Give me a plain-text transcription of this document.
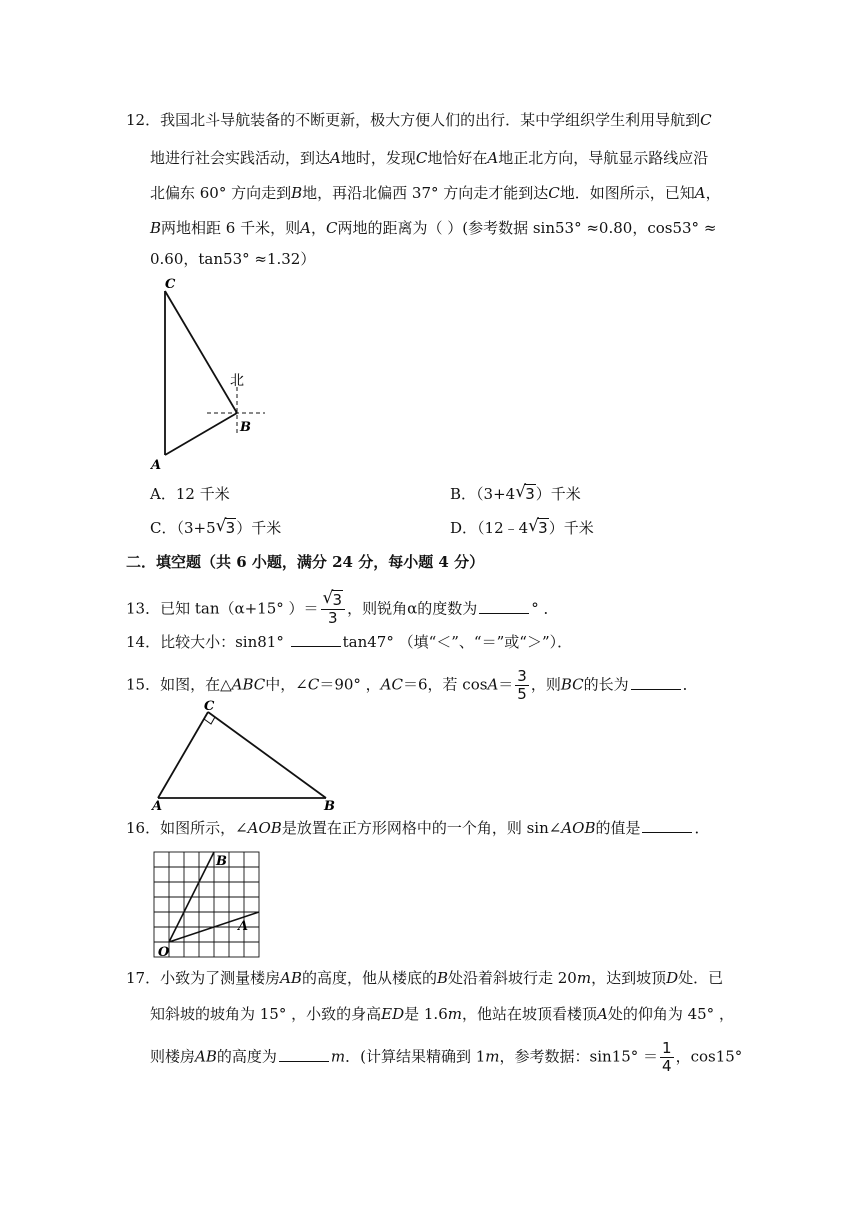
12．我国北斗导航装备的不断更新，极大方便人们的出行．某中学组织学生利用导航到C
地进行社会实践活动，到达A地时，发现C地恰好在A地正北方向，导航显示路线应沿
北偏东 60° 方向走到B地，再沿北偏西 37° 方向走才能到达C地．如图所示，已知A，
B两地相距 6 千米，则A，C两地的距离为（ ）(参考数据 sin53° ≈0.80，cos53° ≈
0.60，tan53° ≈1.32）
C
A
B
北
A．12 千米	B．（3+4 √ 3）千米
C．（3+5 √ 3）千米	D．（12﹣4 √ 3）千米
二．填空题（共 6 小题，满分 24 分，每小题 4 分）
13．已知 tan（α+15° ）＝ $\frac{√ 3}{3}$ ，则锐角α的度数为	° ．
14．比较大小：sin81°	tan47° （填“＜”、“＝”或“＞”）．
15．如图，在△ABC中，∠C＝90° ，AC＝6，若 $\cos A= \frac{3}{5}$ ，则BC的长为	．
C
A	B
16．如图所示，∠AOB是放置在正方形网格中的一个角，则 sin∠AOB的值是	．
B
A
O
17．小致为了测量楼房AB的高度，他从楼底的B处沿着斜坡行走 20m，达到坡顶D处．已
知斜坡的坡角为 15° ，小致的身高ED是 1.6m，他站在坡顶看楼顶A处的仰角为 45° ，
则楼房AB的高度为	m．(计算结果精确到 1m，参考数据：$\sin 15^\circ = \frac{1}{4}$ ，cos15°
